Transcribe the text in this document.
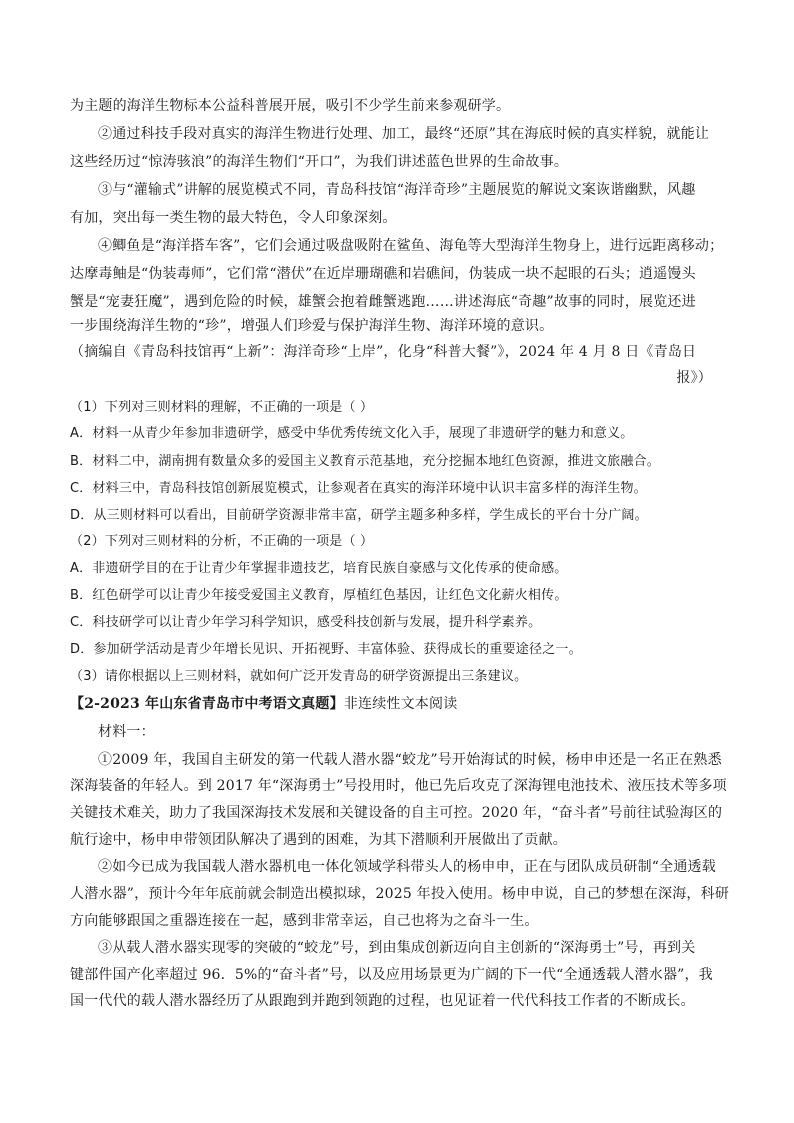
为主题的海洋生物标本公益科普展开展，吸引不少学生前来参观研学。
②通过科技手段对真实的海洋生物进行处理、加工，最终“还原”其在海底时候的真实样貌，就能让
这些经历过“惊涛骇浪”的海洋生物们“开口”，为我们讲述蓝色世界的生命故事。
③与“灌输式”讲解的展览模式不同，青岛科技馆“海洋奇珍”主题展览的解说文案诙谐幽默，风趣
有加，突出每一类生物的最大特色，令人印象深刻。
④鲫鱼是“海洋搭车客”，它们会通过吸盘吸附在鲨鱼、海龟等大型海洋生物身上，进行远距离移动；
达摩毒鲉是“伪装毒师”，它们常“潜伏”在近岸珊瑚礁和岩礁间，伪装成一块不起眼的石头；逍遥馒头
蟹是“宠妻狂魔”，遇到危险的时候，雄蟹会抱着雌蟹逃跑……讲述海底“奇趣”故事的同时，展览还进
一步围绕海洋生物的“珍”，增强人们珍爱与保护海洋生物、海洋环境的意识。
（摘编自《青岛科技馆再“上新”：海洋奇珍“上岸”，化身“科普大餐”》，2024 年 4 月 8 日《青岛日
报》）
（1）下列对三则材料的理解，不正确的一项是（ ）
A．材料一从青少年参加非遗研学，感受中华优秀传统文化入手，展现了非遗研学的魅力和意义。
B．材料二中，湖南拥有数量众多的爱国主义教育示范基地，充分挖掘本地红色资源，推进文旅融合。
C．材料三中，青岛科技馆创新展览模式，让参观者在真实的海洋环境中认识丰富多样的海洋生物。
D．从三则材料可以看出，目前研学资源非常丰富，研学主题多种多样，学生成长的平台十分广阔。
（2）下列对三则材料的分析，不正确的一项是（ ）
A．非遗研学目的在于让青少年掌握非遗技艺，培育民族自豪感与文化传承的使命感。
B．红色研学可以让青少年接受爱国主义教育，厚植红色基因，让红色文化薪火相传。
C．科技研学可以让青少年学习科学知识，感受科技创新与发展，提升科学素养。
D．参加研学活动是青少年增长见识、开拓视野、丰富体验、获得成长的重要途径之一。
（3）请你根据以上三则材料，就如何广泛开发青岛的研学资源提出三条建议。
【2-2023 年山东省青岛市中考语文真题】非连续性文本阅读
材料一：
①2009 年，我国自主研发的第一代载人潜水器“蛟龙”号开始海试的时候，杨申申还是一名正在熟悉
深海装备的年轻人。到 2017 年“深海勇士”号投用时，他已先后攻克了深海锂电池技术、液压技术等多项
关键技术难关，助力了我国深海技术发展和关键设备的自主可控。2020 年，“奋斗者”号前往试验海区的
航行途中，杨申申带领团队解决了遇到的困难，为其下潜顺利开展做出了贡献。
②如今已成为我国载人潜水器机电一体化领域学科带头人的杨申申，正在与团队成员研制“全通透载
人潜水器”，预计今年年底前就会制造出模拟球，2025 年投入使用。杨申申说，自己的梦想在深海，科研
方向能够跟国之重器连接在一起，感到非常幸运，自己也将为之奋斗一生。
③从载人潜水器实现零的突破的“蛟龙”号，到由集成创新迈向自主创新的“深海勇士”号，再到关
键部件国产化率超过 96．5%的“奋斗者”号，以及应用场景更为广阔的下一代“全通透载人潜水器”，我
国一代代的载人潜水器经历了从跟跑到并跑到领跑的过程，也见证着一代代科技工作者的不断成长。
